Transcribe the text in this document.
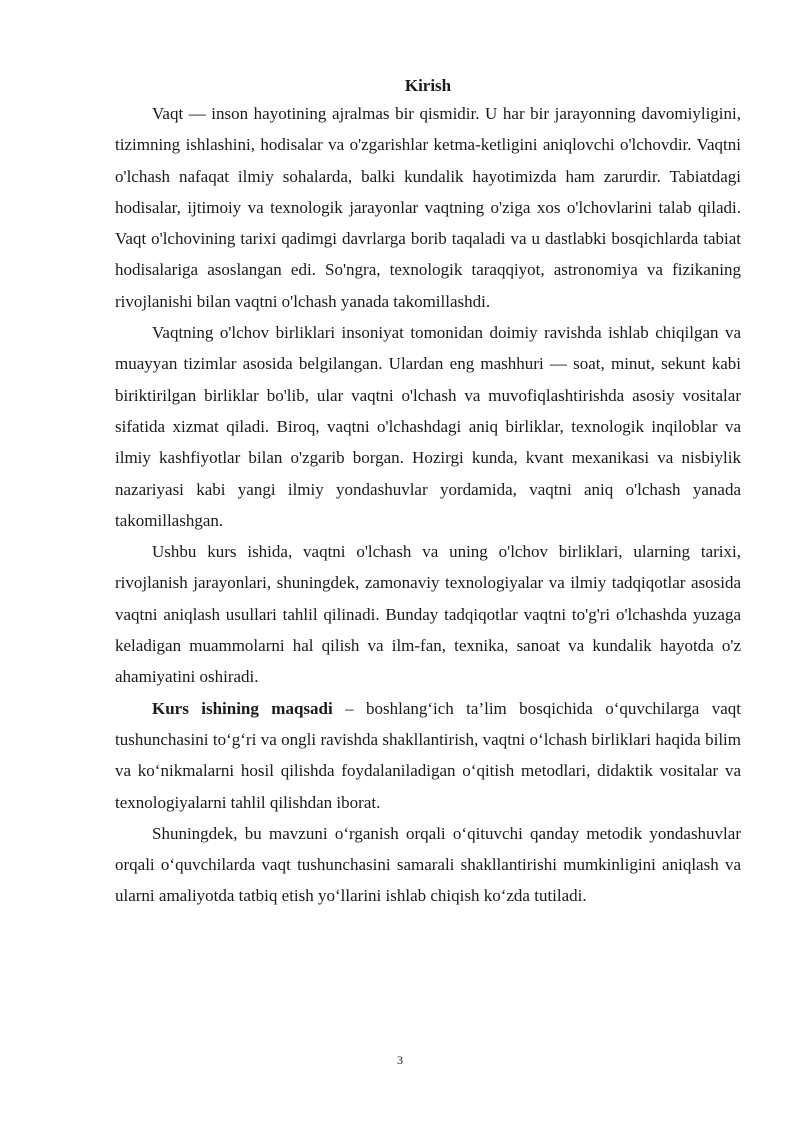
Kirish

Vaqt — inson hayotining ajralmas bir qismidir. U har bir jarayonning davomiyligini, tizimning ishlashini, hodisalar va o'zgarishlar ketma-ketligini aniqlovchi o'lchovdir. Vaqtni o'lchash nafaqat ilmiy sohalarda, balki kundalik hayotimizda ham zarurdir. Tabiatdagi hodisalar, ijtimoiy va texnologik jarayonlar vaqtning o'ziga xos o'lchovlarini talab qiladi. Vaqt o'lchovining tarixi qadimgi davrlarga borib taqaladi va u dastlabki bosqichlarda tabiat hodisalariga asoslangan edi. So'ngra, texnologik taraqqiyot, astronomiya va fizikaning rivojlanishi bilan vaqtni o'lchash yanada takomillashdi.

Vaqtning o'lchov birliklari insoniyat tomonidan doimiy ravishda ishlab chiqilgan va muayyan tizimlar asosida belgilangan. Ulardan eng mashhuri — soat, minut, sekunt kabi biriktirilgan birliklar bo'lib, ular vaqtni o'lchash va muvofiqlashtirishda asosiy vositalar sifatida xizmat qiladi. Biroq, vaqtni o'lchashdagi aniq birliklar, texnologik inqiloblar va ilmiy kashfiyotlar bilan o'zgarib borgan. Hozirgi kunda, kvant mexanikasi va nisbiylik nazariyasi kabi yangi ilmiy yondashuvlar yordamida, vaqtni aniq o'lchash yanada takomillashgan.

Ushbu kurs ishida, vaqtni o'lchash va uning o'lchov birliklari, ularning tarixi, rivojlanish jarayonlari, shuningdek, zamonaviy texnologiyalar va ilmiy tadqiqotlar asosida vaqtni aniqlash usullari tahlil qilinadi. Bunday tadqiqotlar vaqtni to'g'ri o'lchashda yuzaga keladigan muammolarni hal qilish va ilm-fan, texnika, sanoat va kundalik hayotda o'z ahamiyatini oshiradi.

Kurs ishining maqsadi – boshlang‘ich ta’lim bosqichida o‘quvchilarga vaqt tushunchasini to‘g‘ri va ongli ravishda shakllantirish, vaqtni o‘lchash birliklari haqida bilim va ko‘nikmalarni hosil qilishda foydalaniladigan o‘qitish metodlari, didaktik vositalar va texnologiyalarni tahlil qilishdan iborat.

Shuningdek, bu mavzuni o‘rganish orqali o‘qituvchi qanday metodik yondashuvlar orqali o‘quvchilarda vaqt tushunchasini samarali shakllantirishi mumkinligini aniqlash va ularni amaliyotda tatbiq etish yo‘llarini ishlab chiqish ko‘zda tutiladi.

3
